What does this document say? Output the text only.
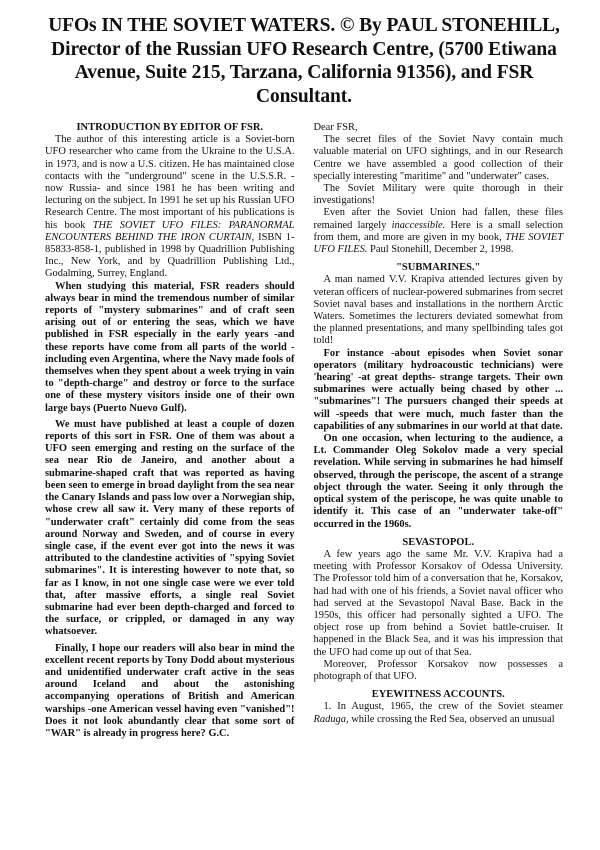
UFOs IN THE SOVIET WATERS. © By PAUL STONEHILL, Director of the Russian UFO Research Centre, (5700 Etiwana Avenue, Suite 215, Tarzana, California 91356), and FSR Consultant.

INTRODUCTION BY EDITOR OF FSR.

The author of this interesting article is a Soviet-born UFO researcher who came from the Ukraine to the U.S.A. in 1973, and is now a U.S. citizen. He has maintained close contacts with the "underground" scene in the U.S.S.R. -now Russia- and since 1981 he has been writing and lecturing on the subject. In 1991 he set up his Russian UFO Research Centre. The most important of his publications is his book THE SOVIET UFO FILES: PARANORMAL ENCOUNTERS BEHIND THE IRON CURTAIN, ISBN 1-85833-858-1, published in 1998 by Quadrillion Publishing Inc., New York, and by Quadrillion Publishing Ltd., Godalming, Surrey, England.

When studying this material, FSR readers should always bear in mind the tremendous number of similar reports of "mystery submarines" and of craft seen arising out of or entering the seas, which we have published in FSR especially in the early years -and these reports have come from all parts of the world -including even Argentina, where the Navy made fools of themselves when they spent about a week trying in vain to "depth-charge" and destroy or force to the surface one of these mystery visitors inside one of their own large bays (Puerto Nuevo Gulf).

We must have published at least a couple of dozen reports of this sort in FSR. One of them was about a UFO seen emerging and resting on the surface of the sea near Rio de Janeiro, and another about a submarine-shaped craft that was reported as having been seen to emerge in broad daylight from the sea near the Canary Islands and pass low over a Norwegian ship, whose crew all saw it. Very many of these reports of "underwater craft" certainly did come from the seas around Norway and Sweden, and of course in every single case, if the event ever got into the news it was attributed to the clandestine activities of "spying Soviet submarines". It is interesting however to note that, so far as I know, in not one single case were we ever told that, after massive efforts, a single real Soviet submarine had ever been depth-charged and forced to the surface, or crippled, or damaged in any way whatsoever.

Finally, I hope our readers will also bear in mind the excellent recent reports by Tony Dodd about mysterious and unidentified underwater craft active in the seas around Iceland and about the astonishing accompanying operations of British and American warships -one American vessel having even "vanished"! Does it not look abundantly clear that some sort of "WAR" is already in progress here? G.C.

Dear FSR,

The secret files of the Soviet Navy contain much valuable material on UFO sightings, and in our Research Centre we have assembled a good collection of their specially interesting "maritime" and "underwater" cases.

The Soviet Military were quite thorough in their investigations!

Even after the Soviet Union had fallen, these files remained largely inaccessible. Here is a small selection from them, and more are given in my book, THE SOVIET UFO FILES. Paul Stonehill, December 2, 1998.

"SUBMARINES."

A man named V.V. Krapiva attended lectures given by veteran officers of nuclear-powered submarines from secret Soviet naval bases and installations in the northern Arctic Waters. Sometimes the lecturers deviated somewhat from the planned presentations, and many spellbinding tales got told!

For instance -about episodes when Soviet sonar operators (military hydroacoustic technicians) were 'hearing' -at great depths- strange targets. Their own submarines were actually being chased by other ... "submarines"! The pursuers changed their speeds at will -speeds that were much, much faster than the capabilities of any submarines in our world at that date.

On one occasion, when lecturing to the audience, a Lt. Commander Oleg Sokolov made a very special revelation. While serving in submarines he had himself observed, through the periscope, the ascent of a strange object through the water. Seeing it only through the optical system of the periscope, he was quite unable to identify it. This case of an "underwater take-off" occurred in the 1960s.

SEVASTOPOL.

A few years ago the same Mr. V.V. Krapiva had a meeting with Professor Korsakov of Odessa University. The Professor told him of a conversation that he, Korsakov, had had with one of his friends, a Soviet naval officer who had served at the Sevastopol Naval Base. Back in the 1950s, this officer had personally sighted a UFO. The object rose up from behind a Soviet battle-cruiser. It happened in the Black Sea, and it was his impression that the UFO had come up out of that Sea.

Moreover, Professor Korsakov now possesses a photograph of that UFO.

EYEWITNESS ACCOUNTS.

1. In August, 1965, the crew of the Soviet steamer Raduga, while crossing the Red Sea, observed an unusual
